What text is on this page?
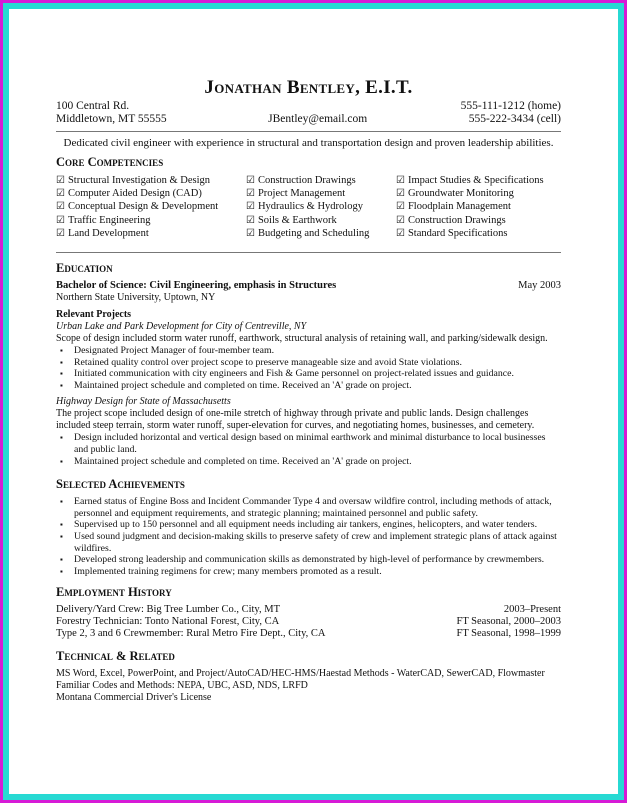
Jonathan Bentley, E.I.T.
100 Central Rd.	555-111-1212 (home)
Middletown, MT 55555	JBentley@email.com	555-222-3434 (cell)

Dedicated civil engineer with experience in structural and transportation design and proven leadership abilities.

Core Competencies
☑ Structural Investigation & Design	☑ Construction Drawings	☑ Impact Studies & Specifications
☑ Computer Aided Design (CAD)	☑ Project Management	☑ Groundwater Monitoring
☑ Conceptual Design & Development	☑ Hydraulics & Hydrology	☑ Floodplain Management
☑ Traffic Engineering	☑ Soils & Earthwork	☑ Construction Drawings
☑ Land Development	☑ Budgeting and Scheduling	☑ Standard Specifications
Education
Bachelor of Science: Civil Engineering, emphasis in Structures	May 2003
Northern State University, Uptown, NY
Relevant Projects
Urban Lake and Park Development for City of Centreville, NY
Scope of design included storm water runoff, earthwork, structural analysis of retaining wall, and parking/sidewalk design.
▪ Designated Project Manager of four-member team.
▪ Retained quality control over project scope to preserve manageable size and avoid State violations.
▪ Initiated communication with city engineers and Fish & Game personnel on project-related issues and guidance.
▪ Maintained project schedule and completed on time. Received an 'A' grade on project.
Highway Design for State of Massachusetts
The project scope included design of one-mile stretch of highway through private and public lands. Design challenges included steep terrain, storm water runoff, super-elevation for curves, and negotiating homes, businesses, and cemetery.
▪ Design included horizontal and vertical design based on minimal earthwork and minimal disturbance to local businesses and public land.
▪ Maintained project schedule and completed on time. Received an 'A' grade on project.
Selected Achievements
▪ Earned status of Engine Boss and Incident Commander Type 4 and oversaw wildfire control, including methods of attack, personnel and equipment requirements, and strategic planning; maintained personnel and public safety.
▪ Supervised up to 150 personnel and all equipment needs including air tankers, engines, helicopters, and water tenders.
▪ Used sound judgment and decision-making skills to preserve safety of crew and implement strategic plans of attack against wildfires.
▪ Developed strong leadership and communication skills as demonstrated by high-level of performance by crewmembers.
▪ Implemented training regimens for crew; many members promoted as a result.
Employment History
Delivery/Yard Crew: Big Tree Lumber Co., City, MT	2003–Present
Forestry Technician: Tonto National Forest, City, CA	FT Seasonal, 2000–2003
Type 2, 3 and 6 Crewmember: Rural Metro Fire Dept., City, CA	FT Seasonal, 1998–1999
Technical & Related
MS Word, Excel, PowerPoint, and Project/AutoCAD/HEC-HMS/Haestad Methods - WaterCAD, SewerCAD, Flowmaster
Familiar Codes and Methods: NEPA, UBC, ASD, NDS, LRFD
Montana Commercial Driver's License
